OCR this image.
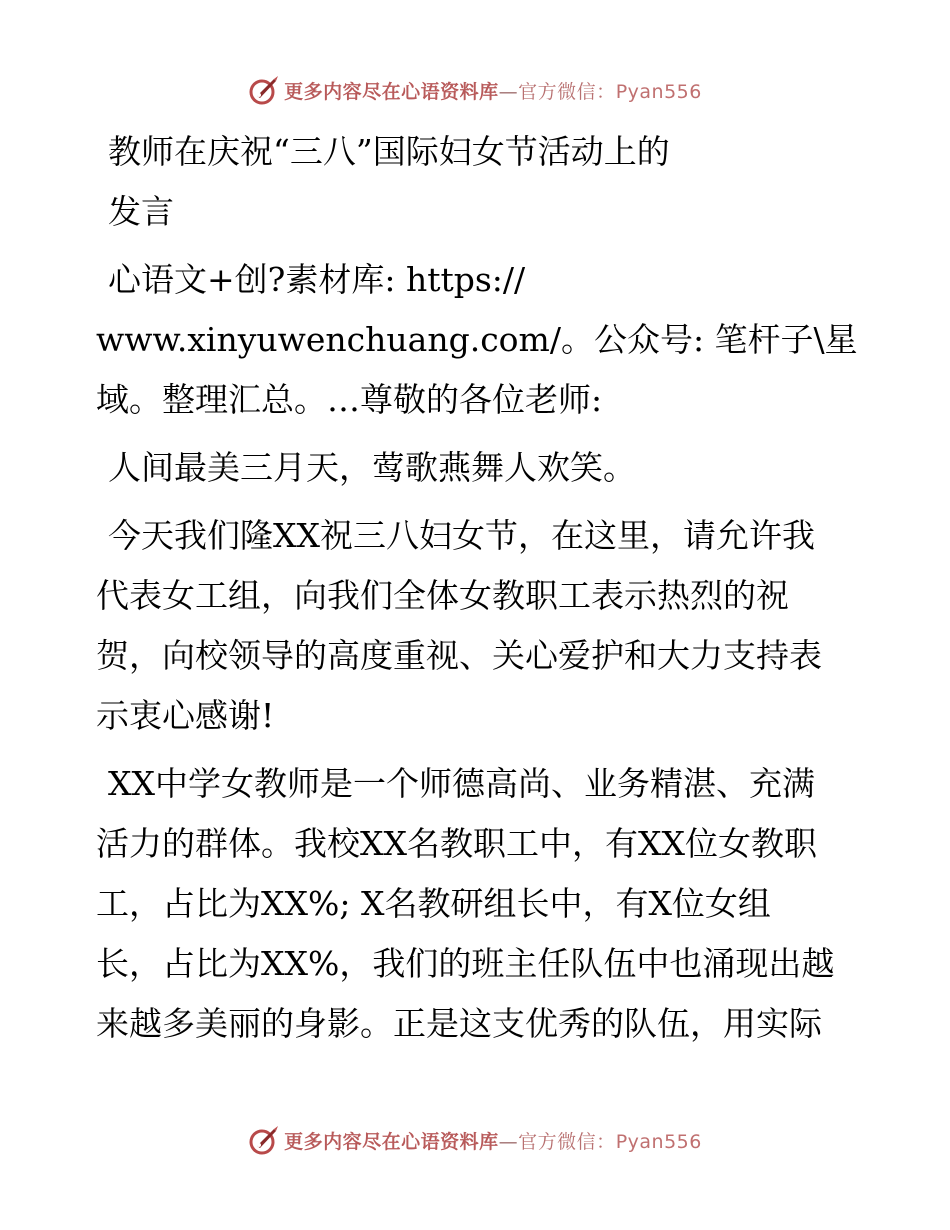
更多内容尽在心语资料库—官方微信：Pyan556
教师在庆祝“三八”国际妇女节活动上的
发言
心语文+创?素材库: https://
www.xinyuwenchuang.com/。公众号: 笔杆子\星
域。整理汇总。…尊敬的各位老师:
人间最美三月天，莺歌燕舞人欢笑。
今天我们隆XX祝三八妇女节，在这里，请允许我
代表女工组，向我们全体女教职工表示热烈的祝
贺，向校领导的高度重视、关心爱护和大力支持表
示衷心感谢!
XX中学女教师是一个师德高尚、业务精湛、充满
活力的群体。我校XX名教职工中，有XX位女教职
工，占比为XX%; X名教研组长中，有X位女组
长，占比为XX%，我们的班主任队伍中也涌现出越
来越多美丽的身影。正是这支优秀的队伍，用实际
更多内容尽在心语资料库—官方微信：Pyan556
